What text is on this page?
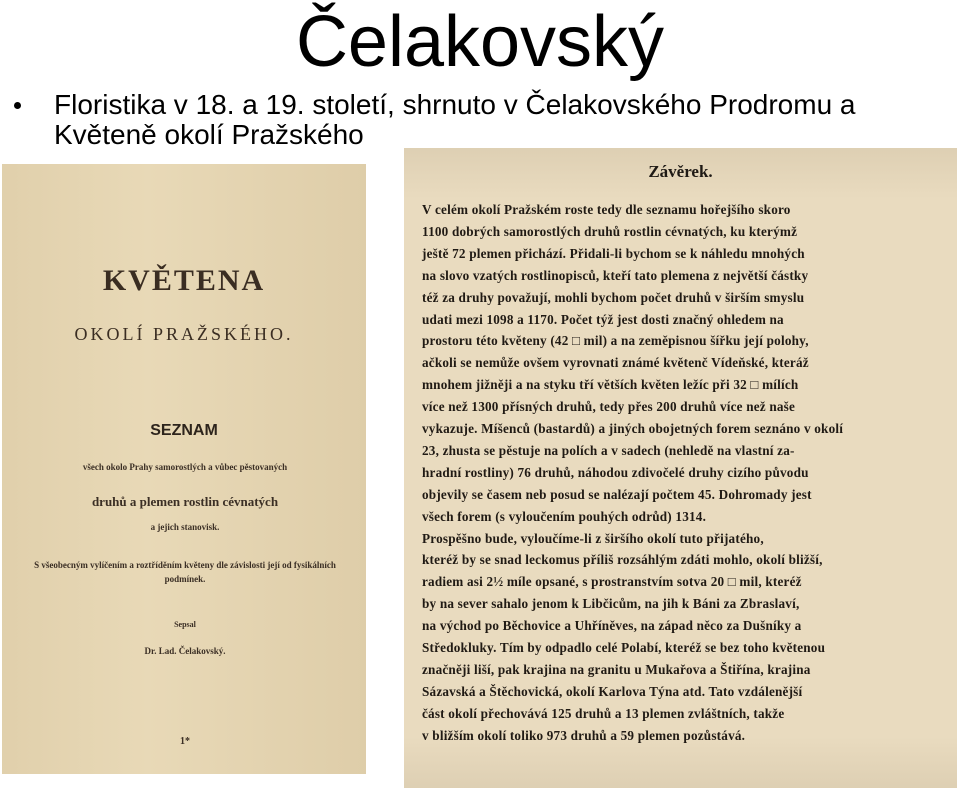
Čelakovský
Floristika v 18. a 19. století, shrnuto v Čelakovského Prodromu a Květeně okolí Pražského
KVĚTENA
OKOLÍ PRAŽSKÉHO.
SEZNAM
všech okolo Prahy samorostlých a vůbec pěstovaných
druhů a plemen rostlin cévnatých
a jejich stanovisk.
S všeobecným vylíčením a roztříděním květeny dle závislosti její od fysikálních podmínek.
Sepsal
Dr. Lad. Čelakovský.
1*

Závěrek.
V celém okolí Pražském roste tedy dle seznamu hořejšího skoro
1100 dobrých samorostlých druhů rostlin cévnatých, ku kterýmž
ještě 72 plemen přichází. Přidali-li bychom se k náhledu mnohých
na slovo vzatých rostlinopisců, kteří tato plemena z největší částky
též za druhy považují, mohli bychom počet druhů v širším smyslu
udati mezi 1098 a 1170. Počet týž jest dosti značný ohledem na
prostoru této květeny (42 □ mil) a na zeměpisnou šířku její polohy,
ačkoli se nemůže ovšem vyrovnati známé květenč Vídeňské, kteráž
mnohem jižněji a na styku tří větších květen ležíc při 32 □ mílích
více než 1300 přísných druhů, tedy přes 200 druhů více než naše
vykazuje. Míšenců (bastardů) a jiných obojetných forem seznáno v okolí
23, zhusta se pěstuje na polích a v sadech (nehledě na vlastní za-
hradní rostliny) 76 druhů, náhodou zdivočelé druhy cizího původu
objevily se časem neb posud se nalézají počtem 45. Dohromady jest
všech forem (s vyloučením pouhých odrůd) 1314.
Prospěšno bude, vyloučíme-li z širšího okolí tuto přijatého,
kteréž by se snad leckomus příliš rozsáhlým zdáti mohlo, okolí bližší,
radiem asi 2½ míle opsané, s prostranstvím sotva 20 □ mil, kteréž
by na sever sahalo jenom k Libčicům, na jih k Báni za Zbraslaví,
na východ po Běchovice a Uhříněves, na západ něco za Dušníky a
Středokluky. Tím by odpadlo celé Polabí, kteréž se bez toho květenou
značněji liší, pak krajina na granitu u Mukařova a Štiřína, krajina
Sázavská a Štěchovická, okolí Karlova Týna atd. Tato vzdálenější
část okolí přechovává 125 druhů a 13 plemen zvláštních, takže
v bližším okolí toliko 973 druhů a 59 plemen pozůstává.
